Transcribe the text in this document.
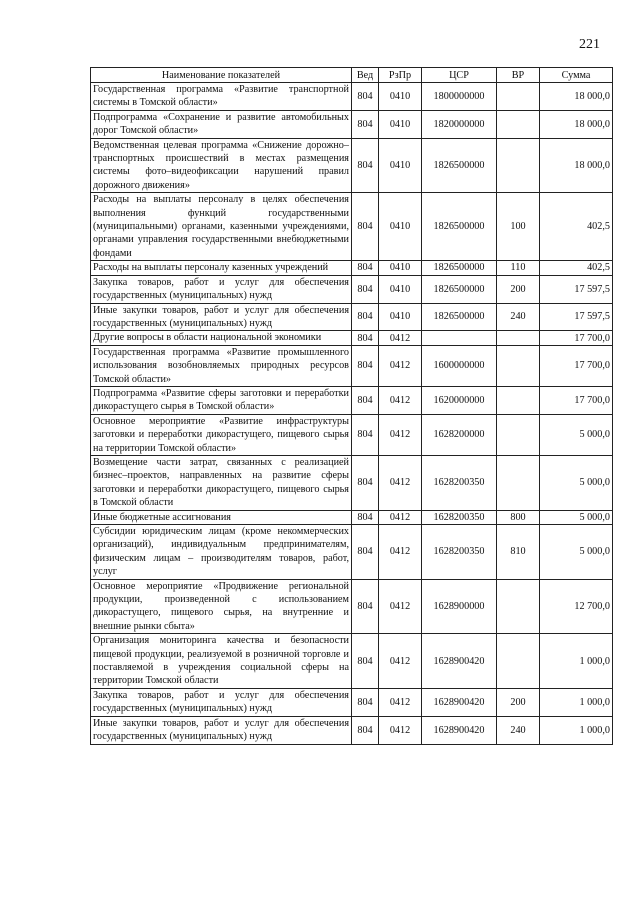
221
Наименование показателей	Вед	РзПр	ЦСР	ВР	Сумма
Государственная программа «Развитие транспортной системы в Томской области»	804	0410	1800000000		18 000,0
Подпрограмма «Сохранение и развитие автомобильных дорог Томской области»	804	0410	1820000000		18 000,0
Ведомственная целевая программа «Снижение дорожно–транспортных происшествий в местах размещения системы фото–видеофиксации нарушений правил дорожного движения»	804	0410	1826500000		18 000,0
Расходы на выплаты персоналу в целях обеспечения выполнения функций государственными (муниципальными) органами, казенными учреждениями, органами управления государственными внебюджетными фондами	804	0410	1826500000	100	402,5
Расходы на выплаты персоналу казенных учреждений	804	0410	1826500000	110	402,5
Закупка товаров, работ и услуг для обеспечения государственных (муниципальных) нужд	804	0410	1826500000	200	17 597,5
Иные закупки товаров, работ и услуг для обеспечения государственных (муниципальных) нужд	804	0410	1826500000	240	17 597,5
Другие вопросы в области национальной экономики	804	0412			17 700,0
Государственная программа «Развитие промышленного использования возобновляемых природных ресурсов Томской области»	804	0412	1600000000		17 700,0
Подпрограмма «Развитие сферы заготовки и переработки дикорастущего сырья в Томской области»	804	0412	1620000000		17 700,0
Основное мероприятие «Развитие инфраструктуры заготовки и переработки дикорастущего, пищевого сырья на территории Томской области»	804	0412	1628200000		5 000,0
Возмещение части затрат, связанных с реализацией бизнес–проектов, направленных на развитие сферы заготовки и переработки дикорастущего, пищевого сырья в Томской области	804	0412	1628200350		5 000,0
Иные бюджетные ассигнования	804	0412	1628200350	800	5 000,0
Субсидии юридическим лицам (кроме некоммерческих организаций), индивидуальным предпринимателям, физическим лицам – производителям товаров, работ, услуг	804	0412	1628200350	810	5 000,0
Основное мероприятие «Продвижение региональной продукции, произведенной с использованием дикорастущего, пищевого сырья, на внутренние и внешние рынки сбыта»	804	0412	1628900000		12 700,0
Организация мониторинга качества и безопасности пищевой продукции, реализуемой в розничной торговле и поставляемой в учреждения социальной сферы на территории Томской области	804	0412	1628900420		1 000,0
Закупка товаров, работ и услуг для обеспечения государственных (муниципальных) нужд	804	0412	1628900420	200	1 000,0
Иные закупки товаров, работ и услуг для обеспечения государственных (муниципальных) нужд	804	0412	1628900420	240	1 000,0
